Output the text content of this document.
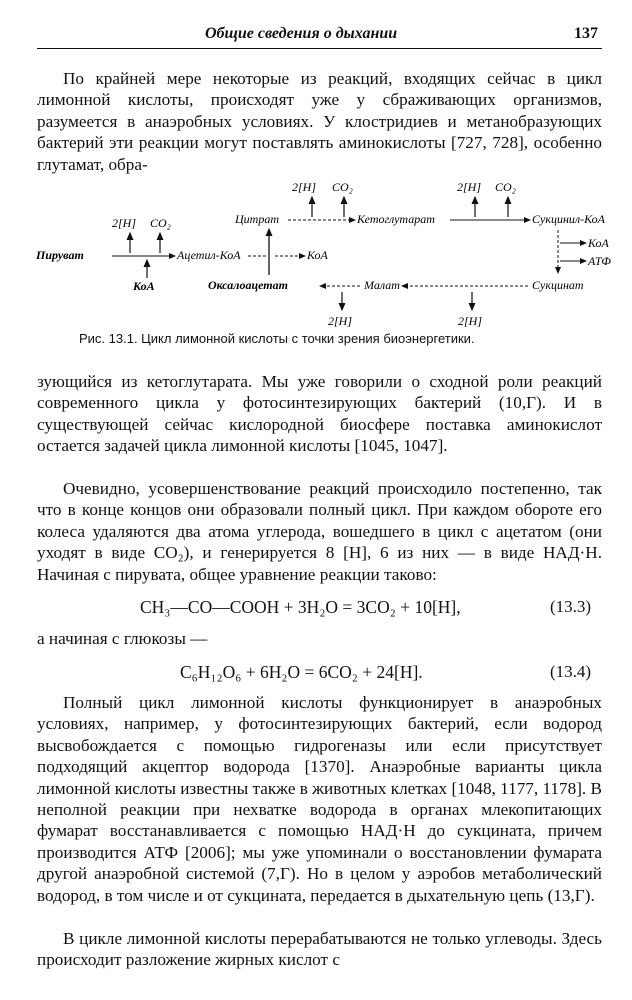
Общие сведения о дыхании	137
По крайней мере некоторые из реакций, входящих сейчас в цикл лимонной кислоты, происходят уже у сбраживающих организмов, разумеется в анаэробных условиях. У клостридиев и метанобразующих бактерий эти реакции могут поставлять аминокислоты [727, 728], особенно глутамат, обра-
2[H] CO₂	2[H] CO₂
2[H] CO₂	Цитрат	Кетоглутарат	Сукцинил-КоА
Пируват	Ацетил-КоА	КоА
КоА
КоА
АТФ
Оксалоацетат	Малат	Сукцинат
2[H]	2[H]
Рис. 13.1. Цикл лимонной кислоты с точки зрения биоэнергетики.
зующийся из кетоглутарата. Мы уже говорили о сходной роли реакций современного цикла у фотосинтезирующих бактерий (10,Г). И в существующей сейчас кислородной биосфере поставка аминокислот остается задачей цикла лимонной кислоты [1045, 1047].
Очевидно, усовершенствование реакций происходило постепенно, так что в конце концов они образовали полный цикл. При каждом обороте его колеса удаляются два атома углерода, вошедшего в цикл с ацетатом (они уходят в виде CO₂), и генерируется 8 [H], 6 из них — в виде НАД·Н. Начиная с пирувата, общее уравнение реакции таково:
CH₃—CO—COOH + 3H₂O = 3CO₂ + 10[H],	(13.3)
а начиная с глюкозы —
C₆H₁₂O₆ + 6H₂O = 6CO₂ + 24[H].	(13.4)
Полный цикл лимонной кислоты функционирует в анаэробных условиях, например, у фотосинтезирующих бактерий, если водород высвобождается с помощью гидрогеназы или если присутствует подходящий акцептор водорода [1370]. Анаэробные варианты цикла лимонной кислоты известны также в животных клетках [1048, 1177, 1178]. В неполной реакции при нехватке водорода в органах млекопитающих фумарат восстанавливается с помощью НАД·Н до сукцината, причем производится АТФ [2006]; мы уже упоминали о восстановлении фумарата другой анаэробной системой (7,Г). Но в целом у аэробов метаболический водород, в том числе и от сукцината, передается в дыхательную цепь (13,Г).
В цикле лимонной кислоты перерабатываются не только углеводы. Здесь происходит разложение жирных кислот с
